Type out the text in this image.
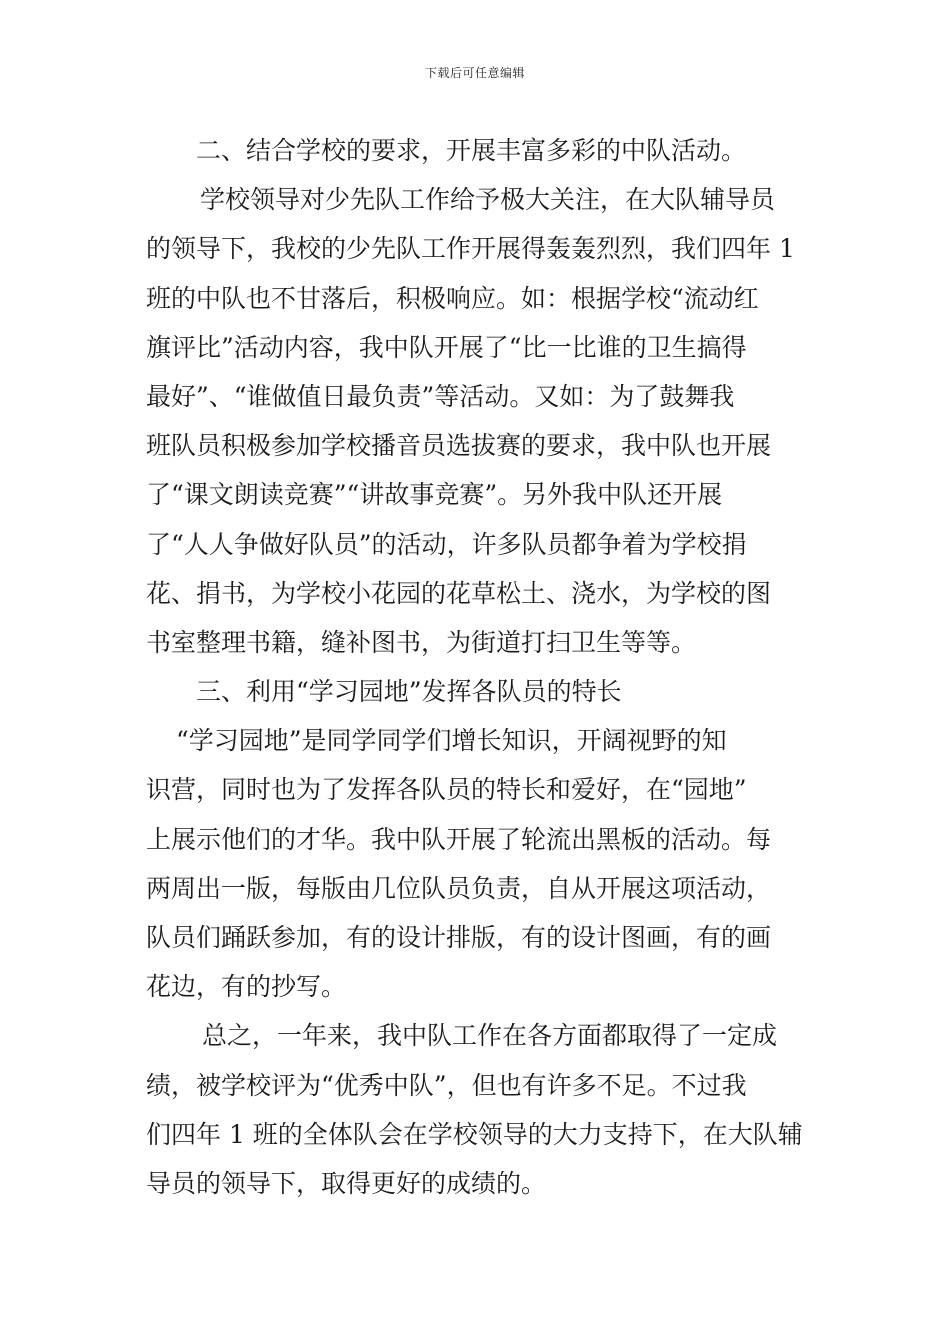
下载后可任意编辑
二、结合学校的要求，开展丰富多彩的中队活动。
学校领导对少先队工作给予极大关注，在大队辅导员
的领导下，我校的少先队工作开展得轰轰烈烈，我们四年 1
班的中队也不甘落后，积极响应。如：根据学校“流动红
旗评比”活动内容，我中队开展了“比一比谁的卫生搞得
最好”、“谁做值日最负责”等活动。又如：为了鼓舞我
班队员积极参加学校播音员选拔赛的要求，我中队也开展
了“课文朗读竞赛”“讲故事竞赛”。另外我中队还开展
了“人人争做好队员”的活动，许多队员都争着为学校捐
花、捐书，为学校小花园的花草松土、浇水，为学校的图
书室整理书籍，缝补图书，为街道打扫卫生等等。
三、利用“学习园地”发挥各队员的特长
“学习园地”是同学同学们增长知识，开阔视野的知
识营，同时也为了发挥各队员的特长和爱好，在“园地”
上展示他们的才华。我中队开展了轮流出黑板的活动。每
两周出一版，每版由几位队员负责，自从开展这项活动，
队员们踊跃参加，有的设计排版，有的设计图画，有的画
花边，有的抄写。
总之，一年来，我中队工作在各方面都取得了一定成
绩，被学校评为“优秀中队”，但也有许多不足。不过我
们四年 1 班的全体队会在学校领导的大力支持下，在大队辅
导员的领导下，取得更好的成绩的。
